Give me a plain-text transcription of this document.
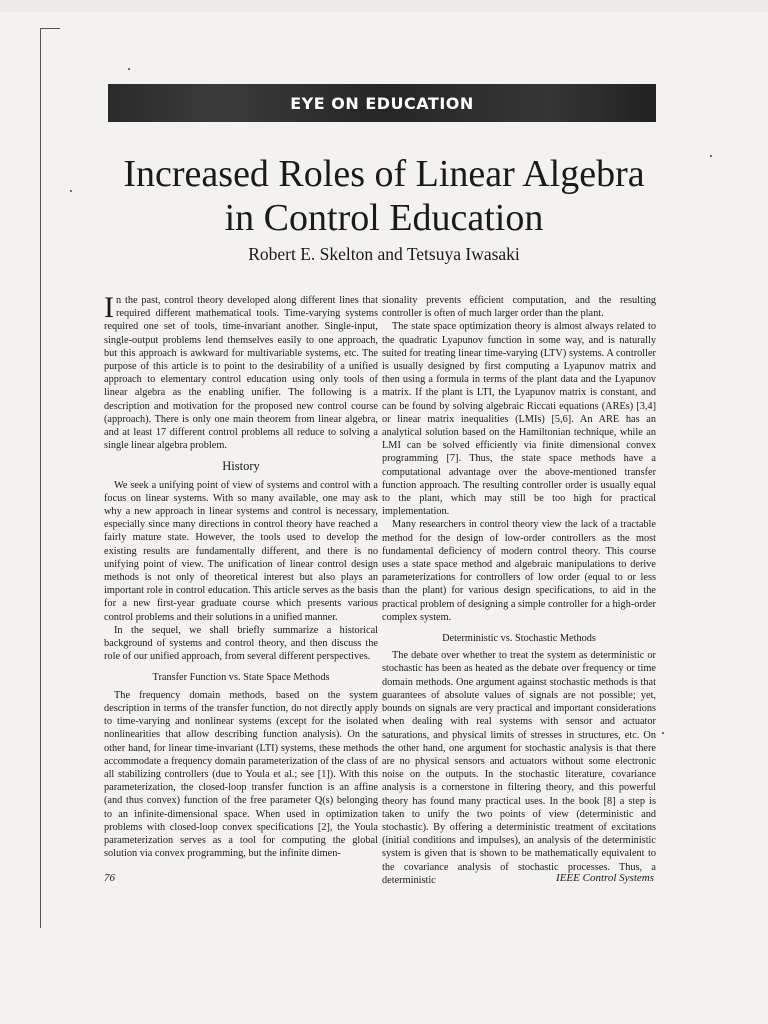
EYE ON EDUCATION
Increased Roles of Linear Algebra
in Control Education

Robert E. Skelton and Tetsuya Iwasaki

In the past, control theory developed along different lines that required different mathematical tools. Time-varying systems required one set of tools, time-invariant another. Single-input, single-output problems lend themselves easily to one approach, but this approach is awkward for multivariable systems, etc. The purpose of this article is to point to the desirability of a unified approach to elementary control education using only tools of linear algebra as the enabling unifier. The following is a description and motivation for the proposed new control course (approach). There is only one main theorem from linear algebra, and at least 17 different control problems all reduce to solving a single linear algebra problem.

History

We seek a unifying point of view of systems and control with a focus on linear systems. With so many available, one may ask why a new approach in linear systems and control is necessary, especially since many directions in control theory have reached a fairly mature state. However, the tools used to develop the existing results are fundamentally different, and there is no unifying point of view. The unification of linear control design methods is not only of theoretical interest but also plays an important role in control education. This article serves as the basis for a new first-year graduate course which presents various control problems and their solutions in a unified manner.

In the sequel, we shall briefly summarize a historical background of systems and control theory, and then discuss the role of our unified approach, from several different perspectives.

Transfer Function vs. State Space Methods

The frequency domain methods, based on the system description in terms of the transfer function, do not directly apply to time-varying and nonlinear systems (except for the isolated nonlinearities that allow describing function analysis). On the other hand, for linear time-invariant (LTI) systems, these methods accommodate a frequency domain parameterization of the class of all stabilizing controllers (due to Youla et al.; see [1]). With this parameterization, the closed-loop transfer function is an affine (and thus convex) function of the free parameter Q(s) belonging to an infinite-dimensional space. When used in optimization problems with closed-loop convex specifications [2], the Youla parameterization serves as a tool for computing the global solution via convex programming, but the infinite dimen-

sionality prevents efficient computation, and the resulting controller is often of much larger order than the plant.

The state space optimization theory is almost always related to the quadratic Lyapunov function in some way, and is naturally suited for treating linear time-varying (LTV) systems. A controller is usually designed by first computing a Lyapunov matrix and then using a formula in terms of the plant data and the Lyapunov matrix. If the plant is LTI, the Lyapunov matrix is constant, and can be found by solving algebraic Riccati equations (AREs) [3,4] or linear matrix inequalities (LMIs) [5,6]. An ARE has an analytical solution based on the Hamiltonian technique, while an LMI can be solved efficiently via finite dimensional convex programming [7]. Thus, the state space methods have a computational advantage over the above-mentioned transfer function approach. The resulting controller order is usually equal to the plant, which may still be too high for practical implementation.

Many researchers in control theory view the lack of a tractable method for the design of low-order controllers as the most fundamental deficiency of modern control theory. This course uses a state space method and algebraic manipulations to derive parameterizations for controllers of low order (equal to or less than the plant) for various design specifications, to aid in the practical problem of designing a simple controller for a high-order complex system.

Deterministic vs. Stochastic Methods

The debate over whether to treat the system as deterministic or stochastic has been as heated as the debate over frequency or time domain methods. One argument against stochastic methods is that guarantees of absolute values of signals are not possible; yet, bounds on signals are very practical and important considerations when dealing with real systems with sensor and actuator saturations, and physical limits of stresses in structures, etc. On the other hand, one argument for stochastic analysis is that there are no physical sensors and actuators without some electronic noise on the outputs. In the stochastic literature, covariance analysis is a cornerstone in filtering theory, and this powerful theory has found many practical uses. In the book [8] a step is taken to unify the two points of view (deterministic and stochastic). By offering a deterministic treatment of excitations (initial conditions and impulses), an analysis of the deterministic system is given that is shown to be mathematically equivalent to the covariance analysis of stochastic processes. Thus, a deterministic

76	IEEE Control Systems
